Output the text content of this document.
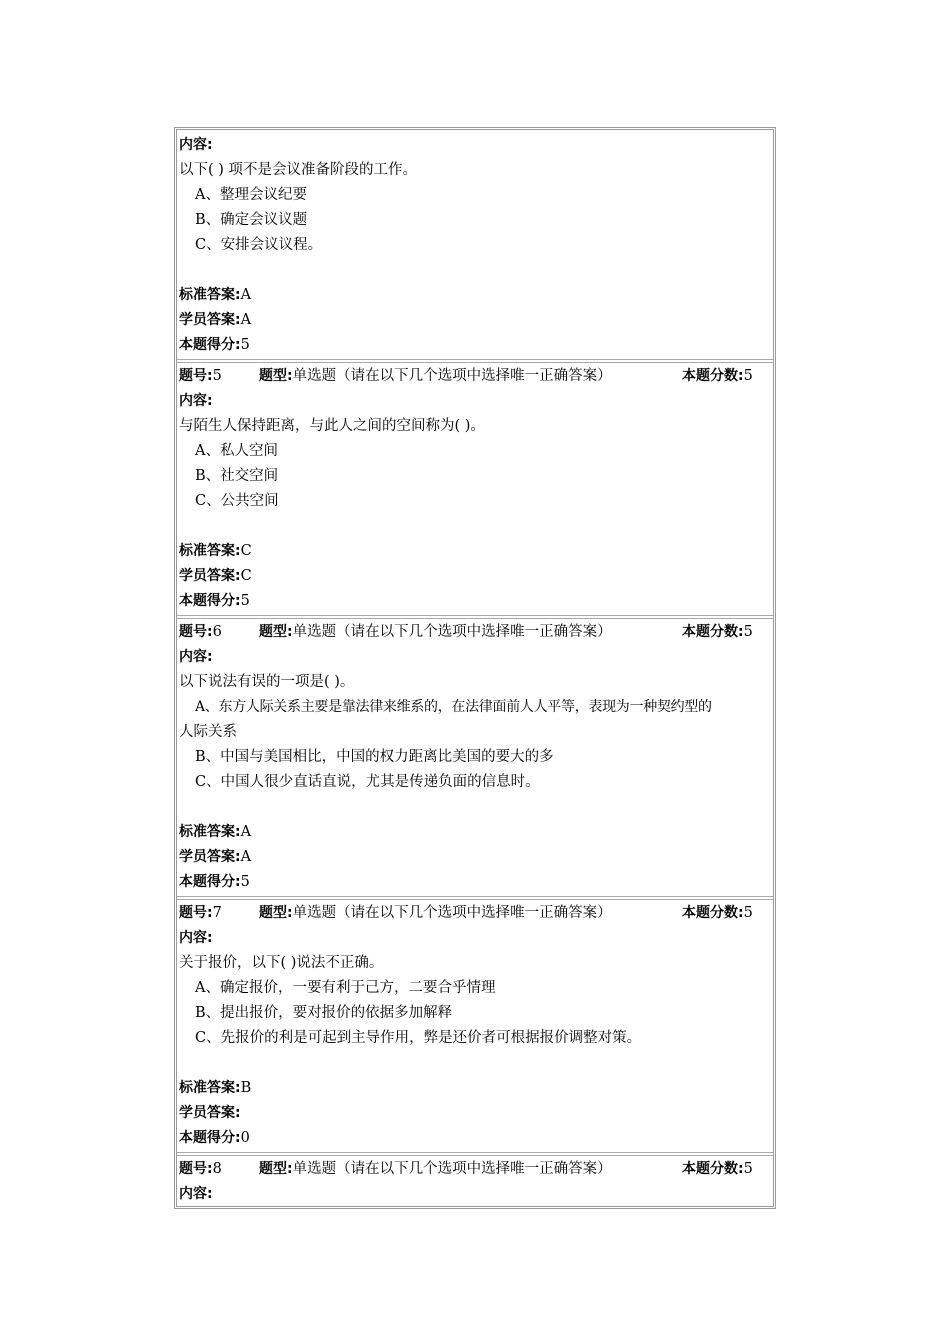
内容:
以下( ) 项不是会议准备阶段的工作。
A、整理会议纪要
B、确定会议议题
C、安排会议议程。
标准答案:A
学员答案:A
本题得分:5
题号:5	题型:单选题（请在以下几个选项中选择唯一正确答案）	本题分数:5
内容:
与陌生人保持距离，与此人之间的空间称为( )。
A、私人空间
B、社交空间
C、公共空间
标准答案:C
学员答案:C
本题得分:5
题号:6	题型:单选题（请在以下几个选项中选择唯一正确答案）	本题分数:5
内容:
以下说法有误的一项是( )。
A、东方人际关系主要是靠法律来维系的，在法律面前人人平等，表现为一种契约型的
人际关系
B、中国与美国相比，中国的权力距离比美国的要大的多
C、中国人很少直话直说，尤其是传递负面的信息时。
标准答案:A
学员答案:A
本题得分:5
题号:7	题型:单选题（请在以下几个选项中选择唯一正确答案）	本题分数:5
内容:
关于报价，以下( )说法不正确。
A、确定报价，一要有利于己方，二要合乎情理
B、提出报价，要对报价的依据多加解释
C、先报价的利是可起到主导作用，弊是还价者可根据报价调整对策。
标准答案:B
学员答案:
本题得分:0
题号:8	题型:单选题（请在以下几个选项中选择唯一正确答案）	本题分数:5
内容:
